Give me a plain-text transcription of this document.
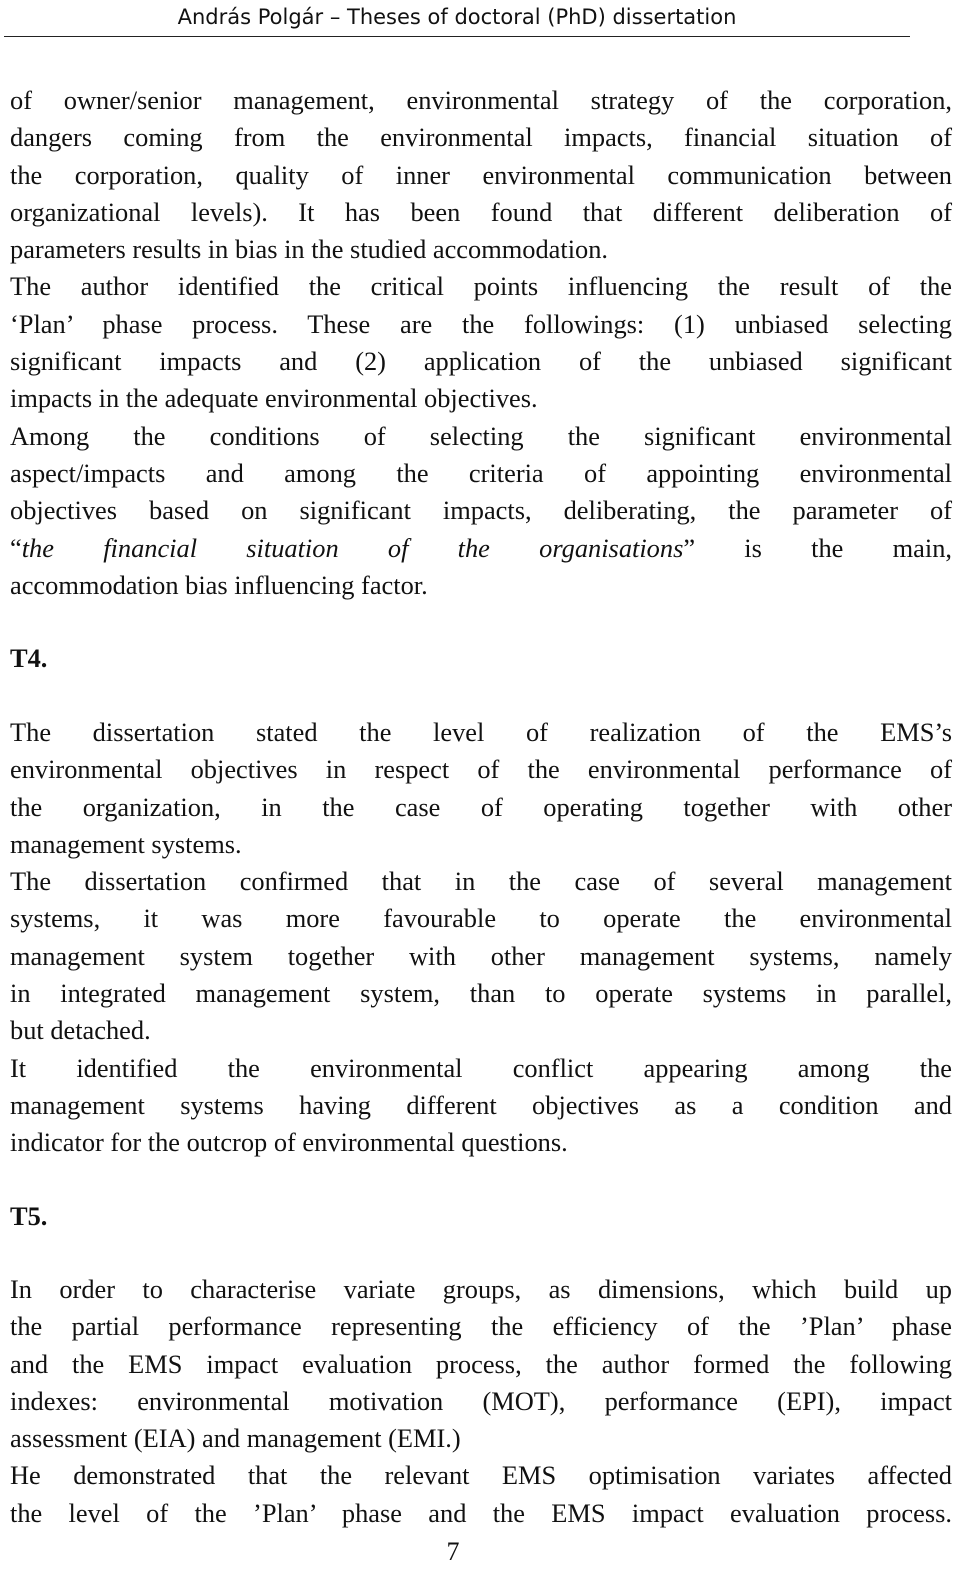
András Polgár – Theses of doctoral (PhD) dissertation
of owner/senior management, environmental strategy of the corporation,
dangers coming from the environmental impacts, financial situation of
the corporation, quality of inner environmental communication between
organizational levels). It has been found that different deliberation of
parameters results in bias in the studied accommodation.
The author identified the critical points influencing the result of the
‘Plan’ phase process. These are the followings: (1) unbiased selecting
significant impacts and (2) application of the unbiased significant
impacts in the adequate environmental objectives.
Among the conditions of selecting the significant environmental
aspect/impacts and among the criteria of appointing environmental
objectives based on significant impacts, deliberating, the parameter of
“the financial situation of the organisations” is the main,
accommodation bias influencing factor.
T4.
The dissertation stated the level of realization of the EMS’s
environmental objectives in respect of the environmental performance of
the organization, in the case of operating together with other
management systems.
The dissertation confirmed that in the case of several management
systems, it was more favourable to operate the environmental
management system together with other management systems, namely
in integrated management system, than to operate systems in parallel,
but detached.
It identified the environmental conflict appearing among the
management systems having different objectives as a condition and
indicator for the outcrop of environmental questions.
T5.
In order to characterise variate groups, as dimensions, which build up
the partial performance representing the efficiency of the ’Plan’ phase
and the EMS impact evaluation process, the author formed the following
indexes: environmental motivation (MOT), performance (EPI), impact
assessment (EIA) and management (EMI.)
He demonstrated that the relevant EMS optimisation variates affected
the level of the ’Plan’ phase and the EMS impact evaluation process.
7
